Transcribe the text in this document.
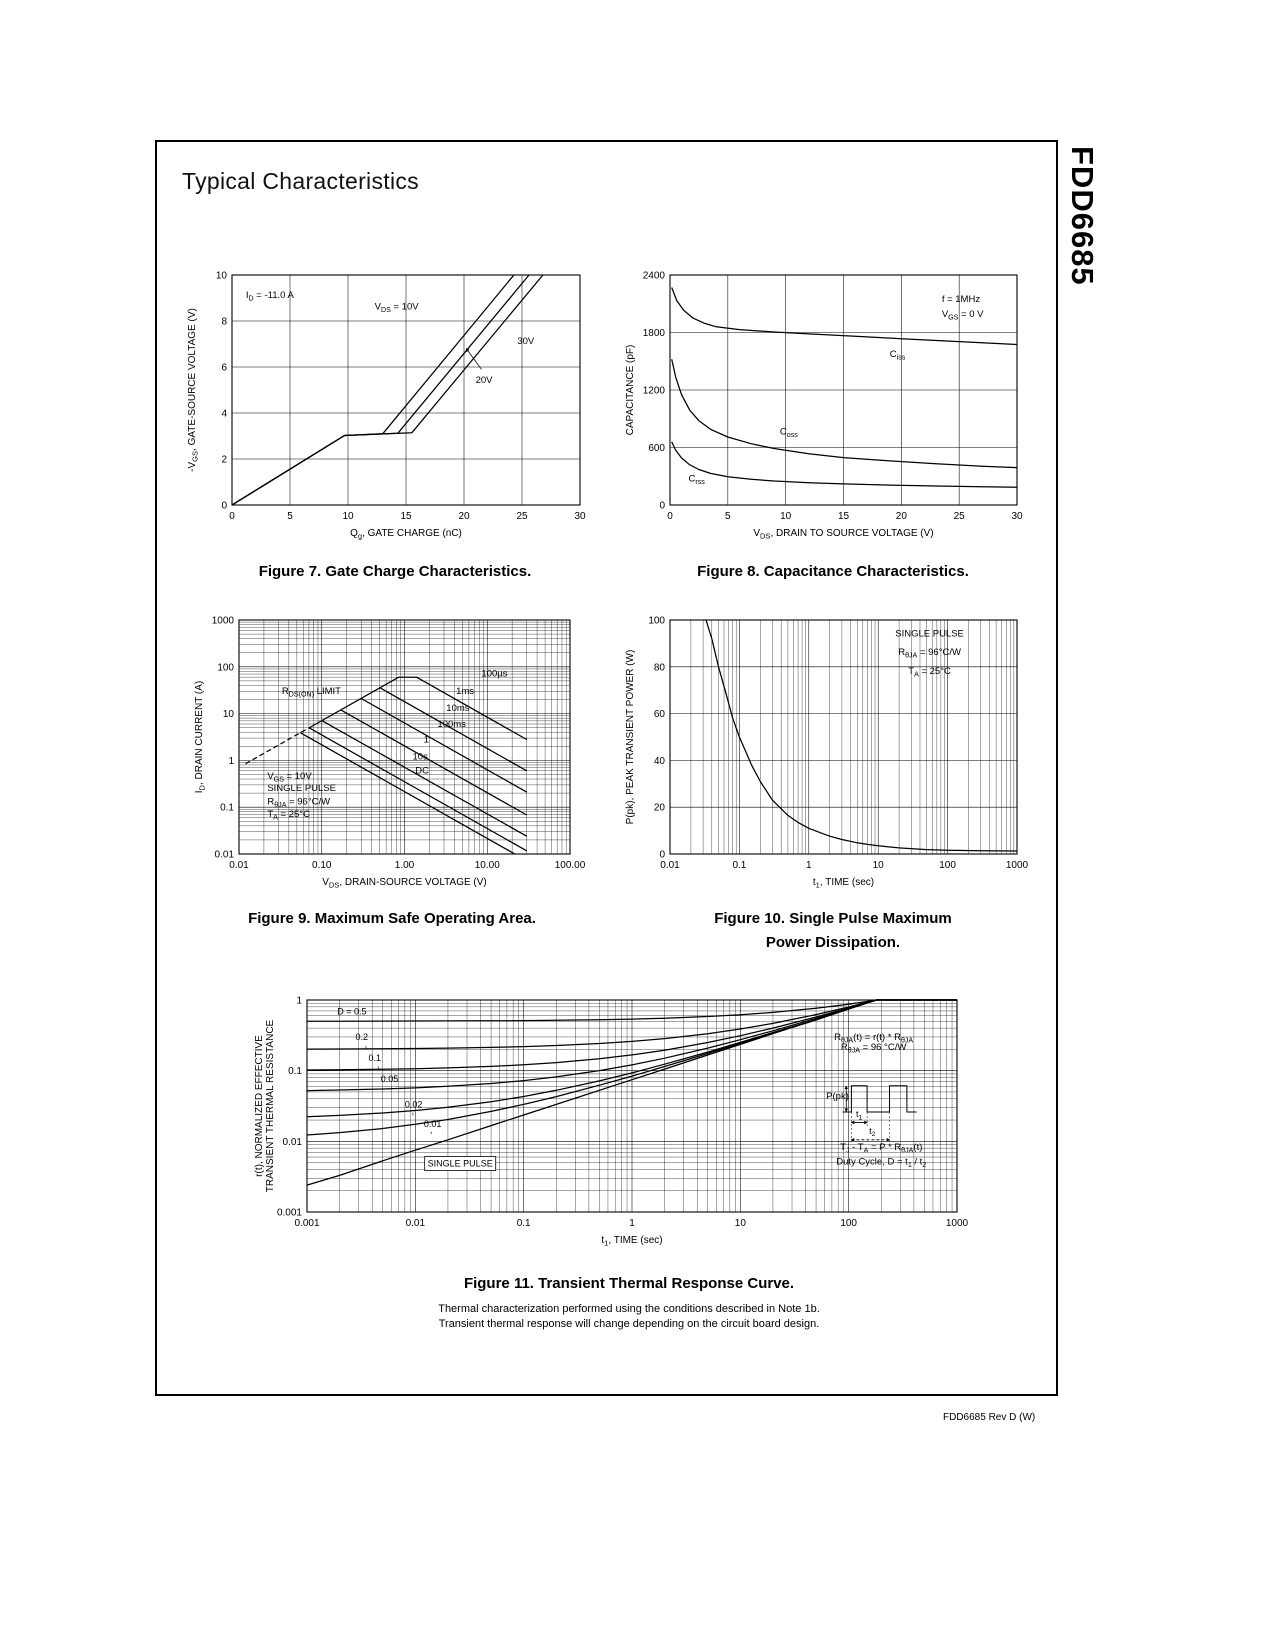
Typical Characteristics
0	5	10	15	20	25	30
0
2
4
6
8
10
$I_D = -11.0$ A
$V_{DS} = 10V$
30V
20V
$Q_g$, GATE CHARGE (nC)
$-V_{GS}$, GATE-SOURCE VOLTAGE (V)
0	5	10	15	20	25	30
0
600
1200
1800
2400
f = 1MHz
$V_{GS} = 0$ V
$C_{iss}$
$C_{oss}$
$C_{rss}$
$V_{DS}$, DRAIN TO SOURCE VOLTAGE (V)
CAPACITANCE (pF)
0.01	0.10	1.00	10.00	100.00
0.01
0.1
1
10
100
1000
$R_{DS(ON)}$ LIMIT
100µs
1ms
10ms
100ms
1
10s
DC
$V_{GS} = 10V$
SINGLE PULSE
$R_{\theta JA} = 96^\circ C/W$
$T_A = 25^\circ C$
$V_{DS}$, DRAIN-SOURCE VOLTAGE (V)
$I_D$, DRAIN CURRENT (A)
0.01	0.1	1	10	100	1000
0
20
40
60
80
100
SINGLE PULSE
$R_{\theta JA} = 96^\circ C/W$
$T_A = 25^\circ C$
$t_1$, TIME (sec)
P(pk), PEAK TRANSIENT POWER (W)
0.001	0.01	0.1	1	10	100	1000
0.001
0.01
0.1
1
D = 0.5
0.2
0.1
0.05
0.02
0.01
SINGLE PULSE
$R_{\theta JA}(t) = r(t) * R_{\theta JA}$
$R_{\theta JA} = 96$ °C/W
P(pk)
$t_1$
$t_2$
$T_J - T_A = P * R_{\theta JA}(t)$
Duty Cycle, $D = t_1 / t_2$
$t_1$, TIME (sec)
r(t), NORMALIZED EFFECTIVE TRANSIENT THERMAL RESISTANCE
Figure 7. Gate Charge Characteristics.	Figure 8. Capacitance Characteristics.
Figure 9. Maximum Safe Operating Area.	Figure 10. Single Pulse Maximum
Power Dissipation.
Figure 11. Transient Thermal Response Curve.
Thermal characterization performed using the conditions described in Note 1b.
Transient thermal response will change depending on the circuit board design.
FDD6685
FDD6685 Rev D (W)
